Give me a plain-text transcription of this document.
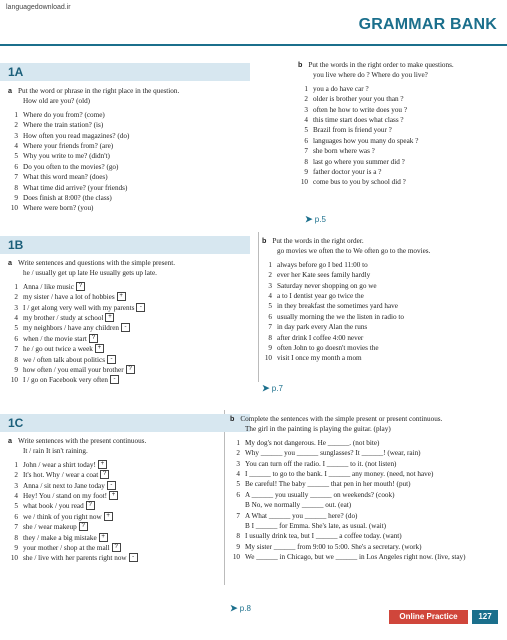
languagedownload.ir
GRAMMAR BANK
1A
a Put the word or phrase in the right place in the question.
How old are you? (old)
1 Where do you from? (come)
2 Where the train station? (is)
3 How often you read magazines? (do)
4 Where your friends from? (are)
5 Why you write to me? (didn't)
6 Do you often to the movies? (go)
7 What this word mean? (does)
8 What time did arrive? (your friends)
9 Does finish at 8:00? (the class)
10 Where were born? (you)
b Put the words in the right order to make questions.
you live where do ? Where do you live?
1 you a do have car ?
2 older is brother your you than ?
3 often he how to write does you ?
4 this time start does what class ?
5 Brazil from is friend your ?
6 languages how you many do speak ?
7 she born where was ?
8 last go where you summer did ?
9 father doctor your is a ?
10 come bus to you by school did ?
➤ p.5
1B
a Write sentences and questions with the simple present.
he / usually get up late He usually gets up late.
1 Anna / like music ?
2 my sister / have a lot of hobbies +
3 I / get along very well with my parents -
4 my brother / study at school +
5 my neighbors / have any children -
6 when / the movie start ?
7 he / go out twice a week +
8 we / often talk about politics -
9 how often / you email your brother ?
10 I / go on Facebook very often -
b Put the words in the right order.
go movies we often the to We often go to the movies.
1 always before go I bed 11:00 to
2 ever her Kate sees family hardly
3 Saturday never shopping on go we
4 a to I dentist year go twice the
5 in they breakfast the sometimes yard have
6 usually morning the we the listen in radio to
7 in day park every Alan the runs
8 after drink I coffee 4:00 never
9 often John to go doesn't movies the
10 visit I once my month a mom
➤ p.7
1C
a Write sentences with the present continuous.
It / rain It isn't raining.
1 John / wear a shirt today! +
2 It's hot. Why / wear a coat ?
3 Anna / sit next to Jane today -
4 Hey! You / stand on my foot! +
5 what book / you read ?
6 we / think of you right now +
7 she / wear makeup ?
8 they / make a big mistake +
9 your mother / shop at the mall ?
10 she / live with her parents right now -
b Complete the sentences with the simple present or present continuous.
The girl in the painting is playing the guitar. (play)
1 My dog's not dangerous. He ______. (not bite)
2 Why ______ you ______ sunglasses? It ______! (wear, rain)
3 You can turn off the radio. I ______ to it. (not listen)
4 I ______ to go to the bank. I ______ any money. (need, not have)
5 Be careful! The baby ______ that pen in her mouth! (put)
6 A ______ you usually ______ on weekends? (cook)
B No, we normally ______ out. (eat)
7 A What ______ you ______ here? (do)
B I ______ for Emma. She's late, as usual. (wait)
8 I usually drink tea, but I ______ a coffee today. (want)
9 My sister ______ from 9:00 to 5:00. She's a secretary. (work)
10 We ______ in Chicago, but we ______ in Los Angeles right now. (live, stay)
➤ p.8
Online Practice	127
